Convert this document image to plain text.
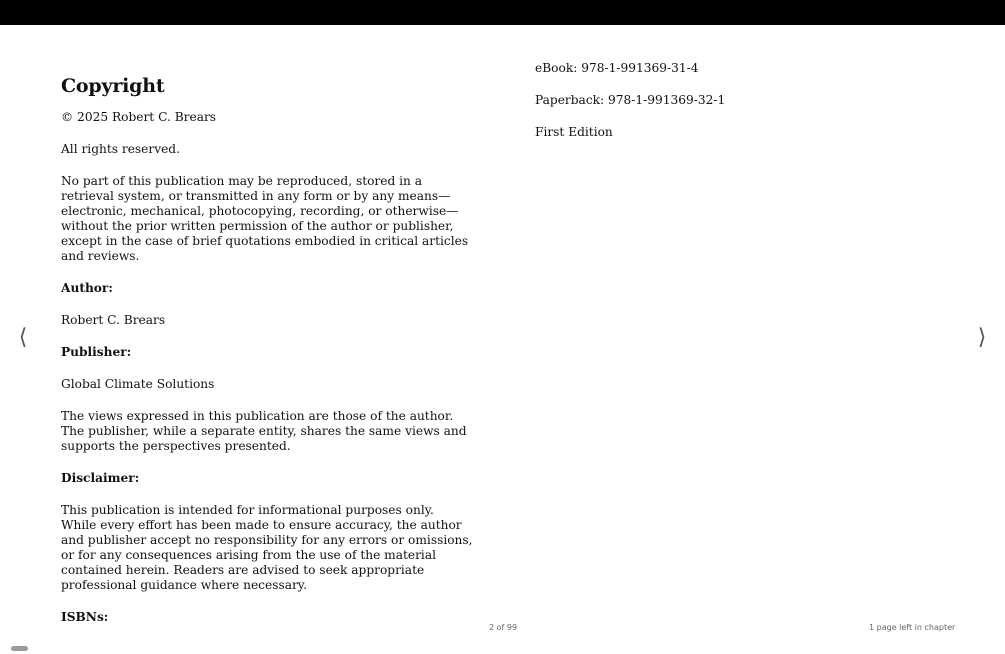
Copyright

© 2025 Robert C. Brears

All rights reserved.

No part of this publication may be reproduced, stored in a retrieval system, or transmitted in any form or by any means—electronic, mechanical, photocopying, recording, or otherwise—without the prior written permission of the author or publisher, except in the case of brief quotations embodied in critical articles and reviews.

Author:

Robert C. Brears

Publisher:

Global Climate Solutions

The views expressed in this publication are those of the author. The publisher, while a separate entity, shares the same views and supports the perspectives presented.

Disclaimer:

This publication is intended for informational purposes only. While every effort has been made to ensure accuracy, the author and publisher accept no responsibility for any errors or omissions, or for any consequences arising from the use of the material contained herein. Readers are advised to seek appropriate professional guidance where necessary.

ISBNs:

eBook: 978-1-991369-31-4

Paperback: 978-1-991369-32-1

First Edition

⟨	⟩
2 of 99	1 page left in chapter
